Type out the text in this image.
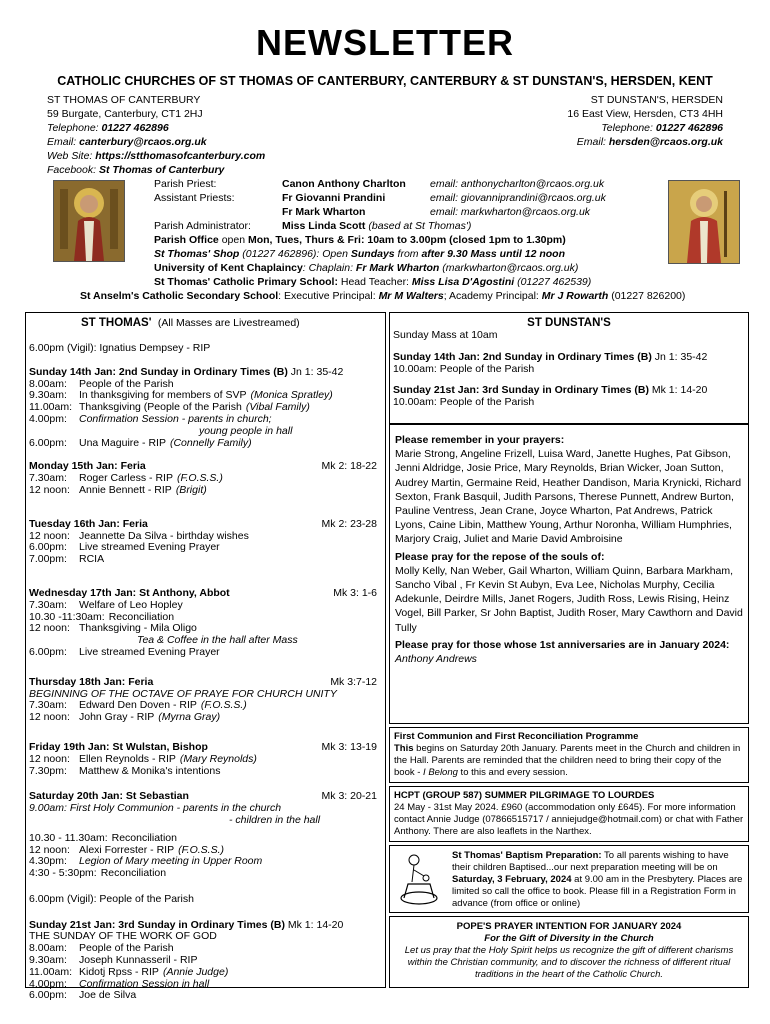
NEWSLETTER
CATHOLIC CHURCHES OF ST THOMAS OF CANTERBURY, CANTERBURY & ST DUNSTAN'S, HERSDEN, KENT
ST THOMAS OF CANTERBURY
59 Burgate, Canterbury, CT1 2HJ
Telephone: 01227 462896
Email: canterbury@rcaos.org.uk
Web Site: https://stthomasofcanterbury.com
Facebook: St Thomas of Canterbury
ST DUNSTAN'S, HERSDEN
16 East View, Hersden, CT3 4HH
Telephone: 01227 462896
Email: hersden@rcaos.org.uk
Parish Priest:	Canon Anthony Charlton	email: anthonycharlton@rcaos.org.uk
Assistant Priests:	Fr Giovanni Prandini	email: giovanniprandini@rcaos.org.uk
Fr Mark Wharton	email: markwharton@rcaos.org.uk
Parish Administrator:	Miss Linda Scott
(based at St Thomas')
Parish Office open Mon, Tues, Thurs & Fri: 10am to 3.00pm (closed 1pm to 1.30pm)
St Thomas' Shop (01227 462896): Open Sundays from after 9.30 Mass until 12 noon
University of Kent Chaplaincy: Chaplain: Fr Mark Wharton (markwharton@rcaos.org.uk)
St Thomas' Catholic Primary School: Head Teacher: Miss Lisa D'Agostini (01227 462539)
St Anselm's Catholic Secondary School: Executive Principal: Mr M Walters; Academy Principal: Mr J Rowarth (01227 826200)
ST THOMAS' (All Masses are Livestreamed)
6.00pm (Vigil): Ignatius Dempsey - RIP
Sunday 14th Jan: 2nd Sunday in Ordinary Times (B) Jn 1: 35-42
8.00am:	People of the Parish
9.30am:	In thanksgiving for members of SVP (Monica Spratley)
11.00am: Thanksgiving (People of the Parish (Vibal Family)
4.00pm:	Confirmation Session - parents in church;
young people in hall
6.00pm:	Una Maguire - RIP (Connelly Family)
Monday 15th Jan: Feria	Mk 2: 18-22
7.30am:	Roger Carless - RIP (F.O.S.S.)
12 noon: Annie Bennett - RIP (Brigit)
Tuesday 16th Jan: Feria	Mk 2: 23-28
12 noon: Jeannette Da Silva - birthday wishes
6.00pm:	Live streamed Evening Prayer
7.00pm:	RCIA
Wednesday 17th Jan: St Anthony, Abbot	Mk 3: 1-6
7.30am:	Welfare of Leo Hopley
10.30 -11:30am: Reconciliation
12 noon: Thanksgiving - Mila Oligo
Tea & Coffee in the hall after Mass
6.00pm:	Live streamed Evening Prayer
Thursday 18th Jan: Feria	Mk 3:7-12
BEGINNING OF THE OCTAVE OF PRAYE FOR CHURCH UNITY
7.30am:	Edward Den Doven - RIP (F.O.S.S.)
12 noon: John Gray - RIP (Myrna Gray)
Friday 19th Jan: St Wulstan, Bishop	Mk 3: 13-19
12 noon: Ellen Reynolds - RIP (Mary Reynolds)
7.30pm:	Matthew & Monika's intentions
Saturday 20th Jan: St Sebastian	Mk 3: 20-21
9.00am: First Holy Communion - parents in the church
- children in the hall
10.30 - 11.30am: Reconciliation
12 noon: Alexi Forrester - RIP (F.O.S.S.)
4.30pm:	Legion of Mary meeting in Upper Room
4:30 - 5:30pm: Reconciliation
6.00pm (Vigil): People of the Parish
Sunday 21st Jan: 3rd Sunday in Ordinary Times (B) Mk 1: 14-20
THE SUNDAY OF THE WORK OF GOD
8.00am:	People of the Parish
9.30am:	Joseph Kunnasseril - RIP
11.00am: Kidotj Rpss - RIP (Annie Judge)
4.00pm:	Confirmation Session in hall
6.00pm:	Joe de Silva
ST DUNSTAN'S
Sunday Mass at 10am
Sunday 14th Jan: 2nd Sunday in Ordinary Times (B) Jn 1: 35-42
10.00am: People of the Parish
Sunday 21st Jan: 3rd Sunday in Ordinary Times (B) Mk 1: 14-20
10.00am: People of the Parish
Please remember in your prayers:
Marie Strong, Angeline Frizell, Luisa Ward, Janette Hughes, Pat Gibson, Jenni Aldridge, Josie Price, Mary Reynolds, Brian Wicker, Joan Sutton, Audrey Martin, Germaine Reid, Heather Dandison, Maria Krynicki, Richard Sexton, Frank Basquil, Judith Parsons, Therese Punnett, Andrew Burton, Pauline Ventress, Jean Crane, Joyce Wharton, Pat Andrews, Patrick Lyons, Caine Libin, Matthew Young, Arthur Noronha, William Humphries, Marjory Craig, Juliet and Marie David Ambroisine
Please pray for the repose of the souls of:
Molly Kelly, Nan Weber, Gail Wharton, William Quinn, Barbara Markham, Sancho Vibal , Fr Kevin St Aubyn, Eva Lee, Nicholas Murphy, Cecilia Adekunle, Deirdre Mills, Janet Rogers, Judith Ross, Lewis Rising, Heinz Vogel, Bill Parker, Sr John Baptist, Judith Roser, Mary Cawthorn and David Tully
Please pray for those whose 1st anniversaries are in January 2024:
Anthony Andrews
First Communion and First Reconciliation Programme
This begins on Saturday 20th January. Parents meet in the Church and children in the Hall. Parents are reminded that the children need to bring their copy of the book - I Belong to this and every session.
HCPT (GROUP 587) SUMMER PILGRIMAGE TO LOURDES
24 May - 31st May 2024. £960 (accommodation only £645). For more information contact Annie Judge (07866515717 / anniejudge@hotmail.com) or chat with Father Anthony. There are also leaflets in the Narthex.
St Thomas' Baptism Preparation: To all parents wishing to have their children Baptised...our next preparation meeting will be on Saturday, 3 February, 2024 at 9.00 am in the Presbytery. Places are limited so call the office to book. Please fill in a Registration Form in advance (from office or online)
POPE'S PRAYER INTENTION FOR JANUARY 2024
For the Gift of Diversity in the Church
Let us pray that the Holy Spirit helps us recognize the gift of different charisms within the Christian community, and to discover the richness of different ritual traditions in the heart of the Catholic Church.
